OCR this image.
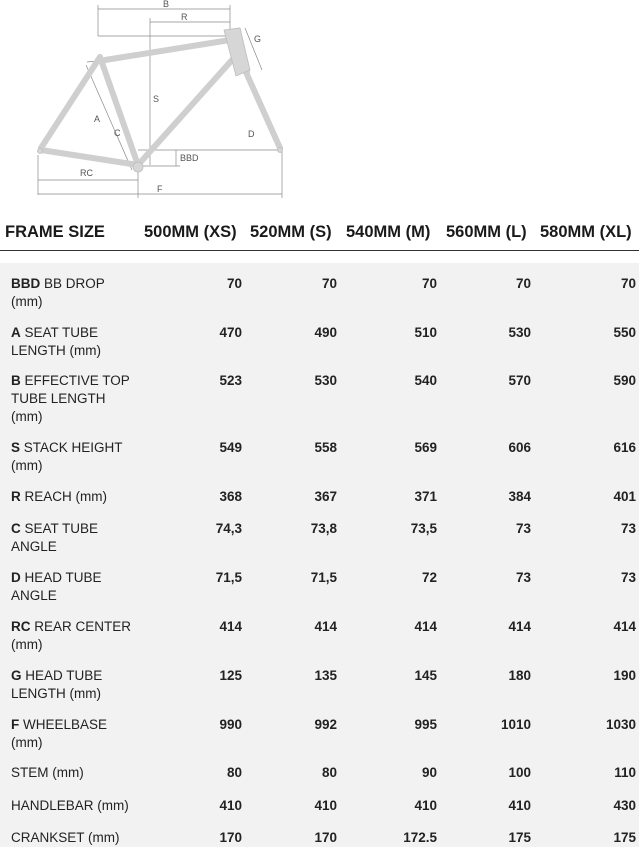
B
R
G
S
A
C	D
BBD
RC
F
FRAME SIZE 500MM (XS) 520MM (S) 540MM (M) 560MM (L) 580MM (XL)
BBD BB DROP (mm)
70	70	70	70	70
A SEAT TUBE LENGTH (mm)
470	490	510	530	550
B EFFECTIVE TOP TUBE LENGTH (mm)
523	530	540	570	590
S STACK HEIGHT (mm)
549	558	569	606	616
R REACH (mm)	368	367	371	384	401
C SEAT TUBE ANGLE
74,3	73,8	73,5	73	73
D HEAD TUBE ANGLE
71,5	71,5	72	73	73
RC REAR CENTER (mm)
414	414	414	414	414
G HEAD TUBE LENGTH (mm)
125	135	145	180	190
F WHEELBASE (mm)
990	992	995	1010	1030
STEM (mm)	80	80	90	100	110
HANDLEBAR (mm)	410	410	410	410	430
CRANKSET (mm)	170	170	172.5	175	175
